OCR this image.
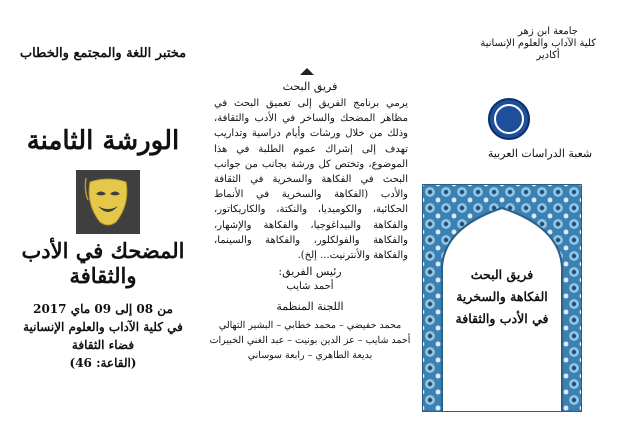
مختبر اللغة والمجتمع والخطاب
الورشة الثامنة
المضحك في الأدب والثقافة
من 08 إلى 09 ماي 2017
في كلية الآداب والعلوم الإنسانية
فضاء الثقافة
(القاعة: 46)
فريق البحث
يرمي برنامج الفريق إلى تعميق البحث في مظاهر المضحك والساخر في الأدب والثقافة، وذلك من خلال ورشات وأيام دراسية وتداريب تهدف إلى إشراك عموم الطلبة في هذا الموضوع، وتختص كل ورشة بجانب من جوانب البحث في الفكاهة والسخرية في الثقافة والأدب (الفكاهة والسخرية في الأنماط الحكائية، والكوميديا، والنكتة، والكاريكاتور، والفكاهة والبيداغوجيا، والفكاهة والإشهار، والفكاهة والفولكلور، والفكاهة والسينما، والفكاهة والأنترنيت... إلخ).
رئيس الفريق:
أحمد شايب
اللجنة المنظمة
محمد حفيضي – محمد خطابي – البشير التهالي
أحمد شايب – عز الدين بونيت – عبد الغني الخبيرات
بديعة الطاهري – رابعة سوساني
جامعة ابن زهر
كلية الآداب والعلوم الإنسانية
أكادير
شعبة الدراسات العربية
فريق البحث
الفكاهة والسخرية
في الأدب والثقافة
